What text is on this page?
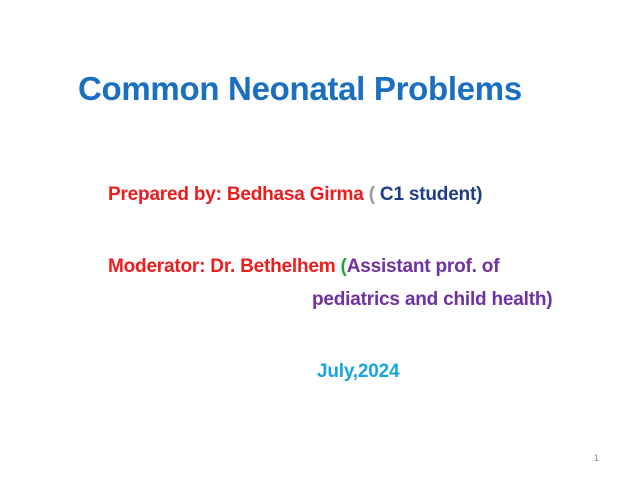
Common Neonatal Problems
Prepared by: Bedhasa Girma ( C1 student)
Moderator: Dr. Bethelhem (Assistant prof. of
pediatrics and child health)
July,2024
1
